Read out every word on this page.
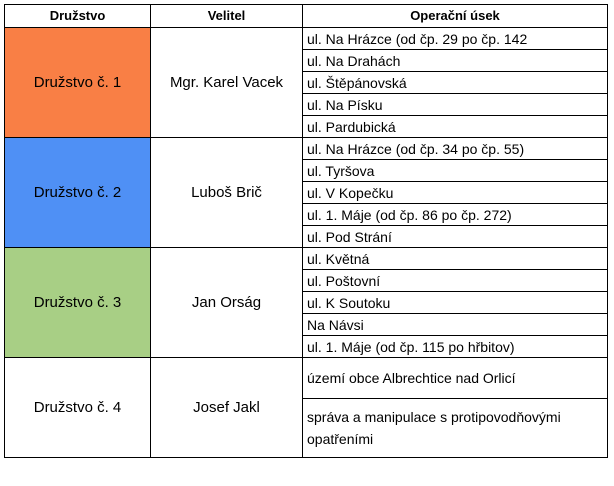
Družstvo	Velitel	Operační úsek
Družstvo č. 1	Mgr. Karel Vacek	ul. Na Hrázce (od čp. 29 po čp. 142
		ul. Na Drahách
		ul. Štěpánovská
		ul. Na Písku
		ul. Pardubická
Družstvo č. 2	Luboš Brič	ul. Na Hrázce (od čp. 34 po čp. 55)
		ul. Tyršova
		ul. V Kopečku
		ul. 1. Máje (od čp. 86 po čp. 272)
		ul. Pod Strání
Družstvo č. 3	Jan Orság	ul. Květná
		ul. Poštovní
		ul. K Soutoku
		Na Návsi
		ul. 1. Máje (od čp. 115 po hřbitov)
Družstvo č. 4	Josef Jakl	území obce Albrechtice nad Orlicí
		správa a manipulace s protipovodňovými opatřeními
